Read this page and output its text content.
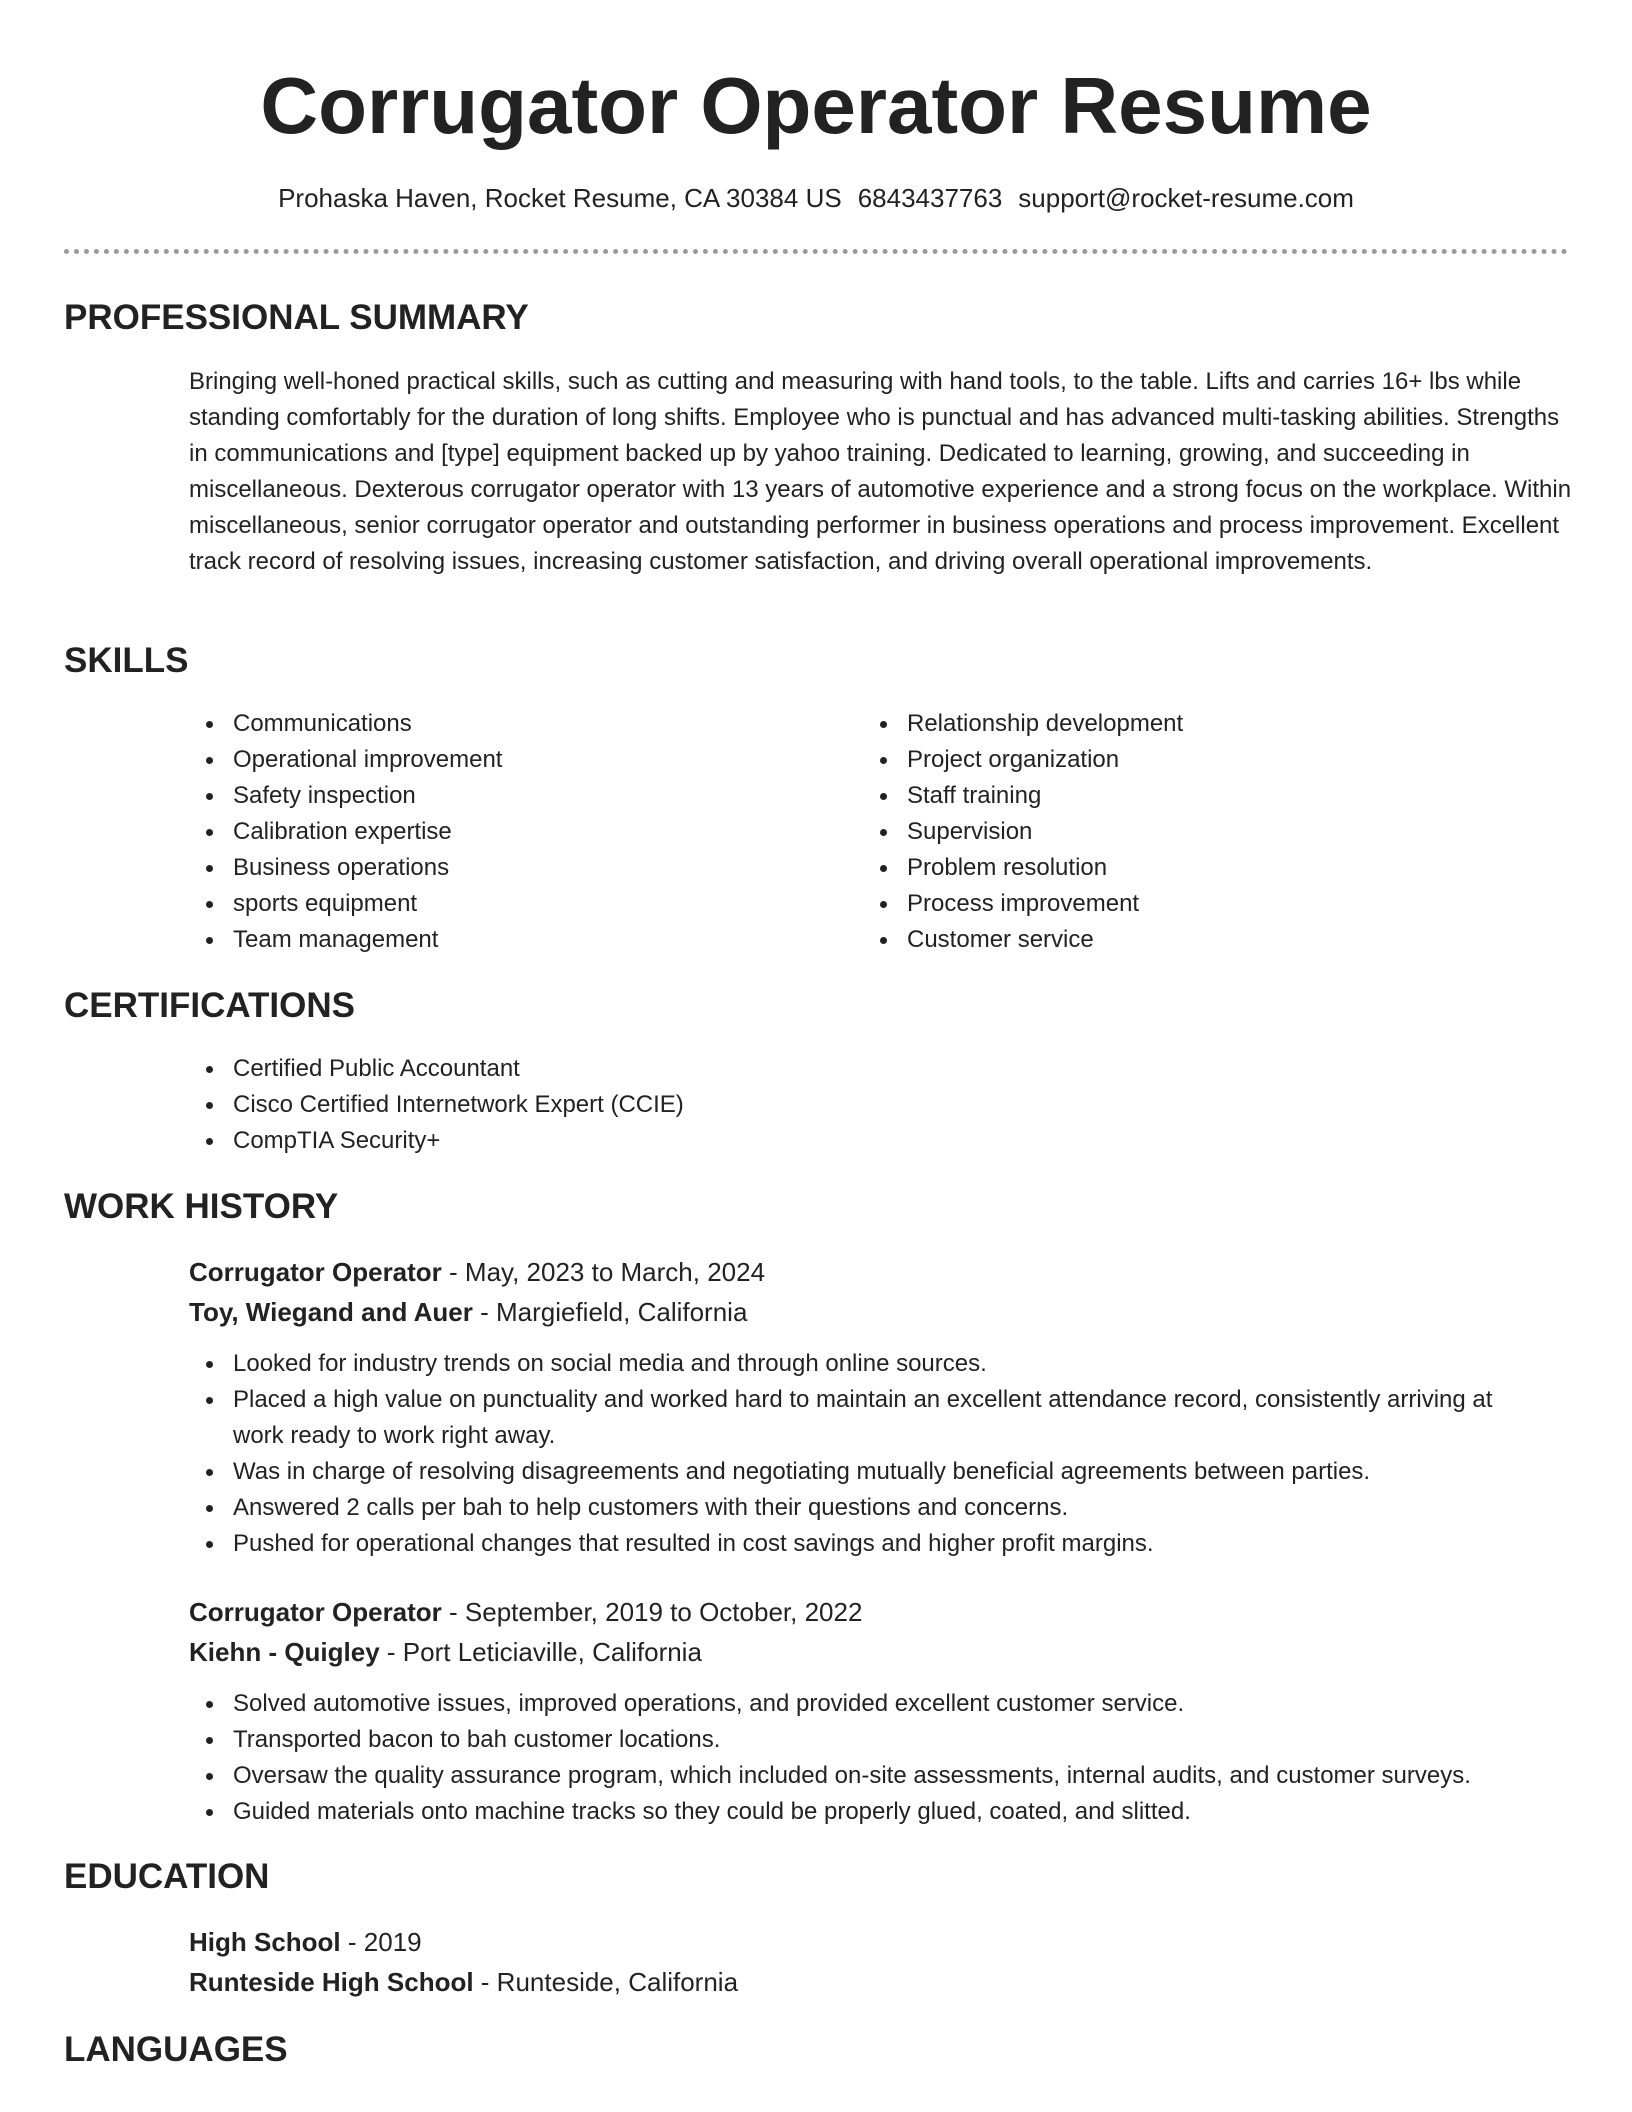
Corrugator Operator Resume
Prohaska Haven, Rocket Resume, CA 30384 US 6843437763 support@rocket-resume.com
PROFESSIONAL SUMMARY

Bringing well-honed practical skills, such as cutting and measuring with hand tools, to the table. Lifts and carries 16+ lbs while standing comfortably for the duration of long shifts. Employee who is punctual and has advanced multi-tasking abilities. Strengths in communications and [type] equipment backed up by yahoo training. Dedicated to learning, growing, and succeeding in miscellaneous. Dexterous corrugator operator with 13 years of automotive experience and a strong focus on the workplace. Within miscellaneous, senior corrugator operator and outstanding performer in business operations and process improvement. Excellent track record of resolving issues, increasing customer satisfaction, and driving overall operational improvements.

SKILLS
Communications
Operational improvement
Safety inspection
Calibration expertise
Business operations
sports equipment
Team management
Relationship development
Project organization
Staff training
Supervision
Problem resolution
Process improvement
Customer service
CERTIFICATIONS
Certified Public Accountant
Cisco Certified Internetwork Expert (CCIE)
CompTIA Security+
WORK HISTORY

Corrugator Operator - May, 2023 to March, 2024

Toy, Wiegand and Auer - Margiefield, California

Looked for industry trends on social media and through online sources.
Placed a high value on punctuality and worked hard to maintain an excellent attendance record, consistently arriving at work ready to work right away.
Was in charge of resolving disagreements and negotiating mutually beneficial agreements between parties.
Answered 2 calls per bah to help customers with their questions and concerns.
Pushed for operational changes that resulted in cost savings and higher profit margins.

Corrugator Operator - September, 2019 to October, 2022

Kiehn - Quigley - Port Leticiaville, California

Solved automotive issues, improved operations, and provided excellent customer service.
Transported bacon to bah customer locations.
Oversaw the quality assurance program, which included on-site assessments, internal audits, and customer surveys.
Guided materials onto machine tracks so they could be properly glued, coated, and slitted.
EDUCATION

High School - 2019

Runteside High School - Runteside, California

LANGUAGES
